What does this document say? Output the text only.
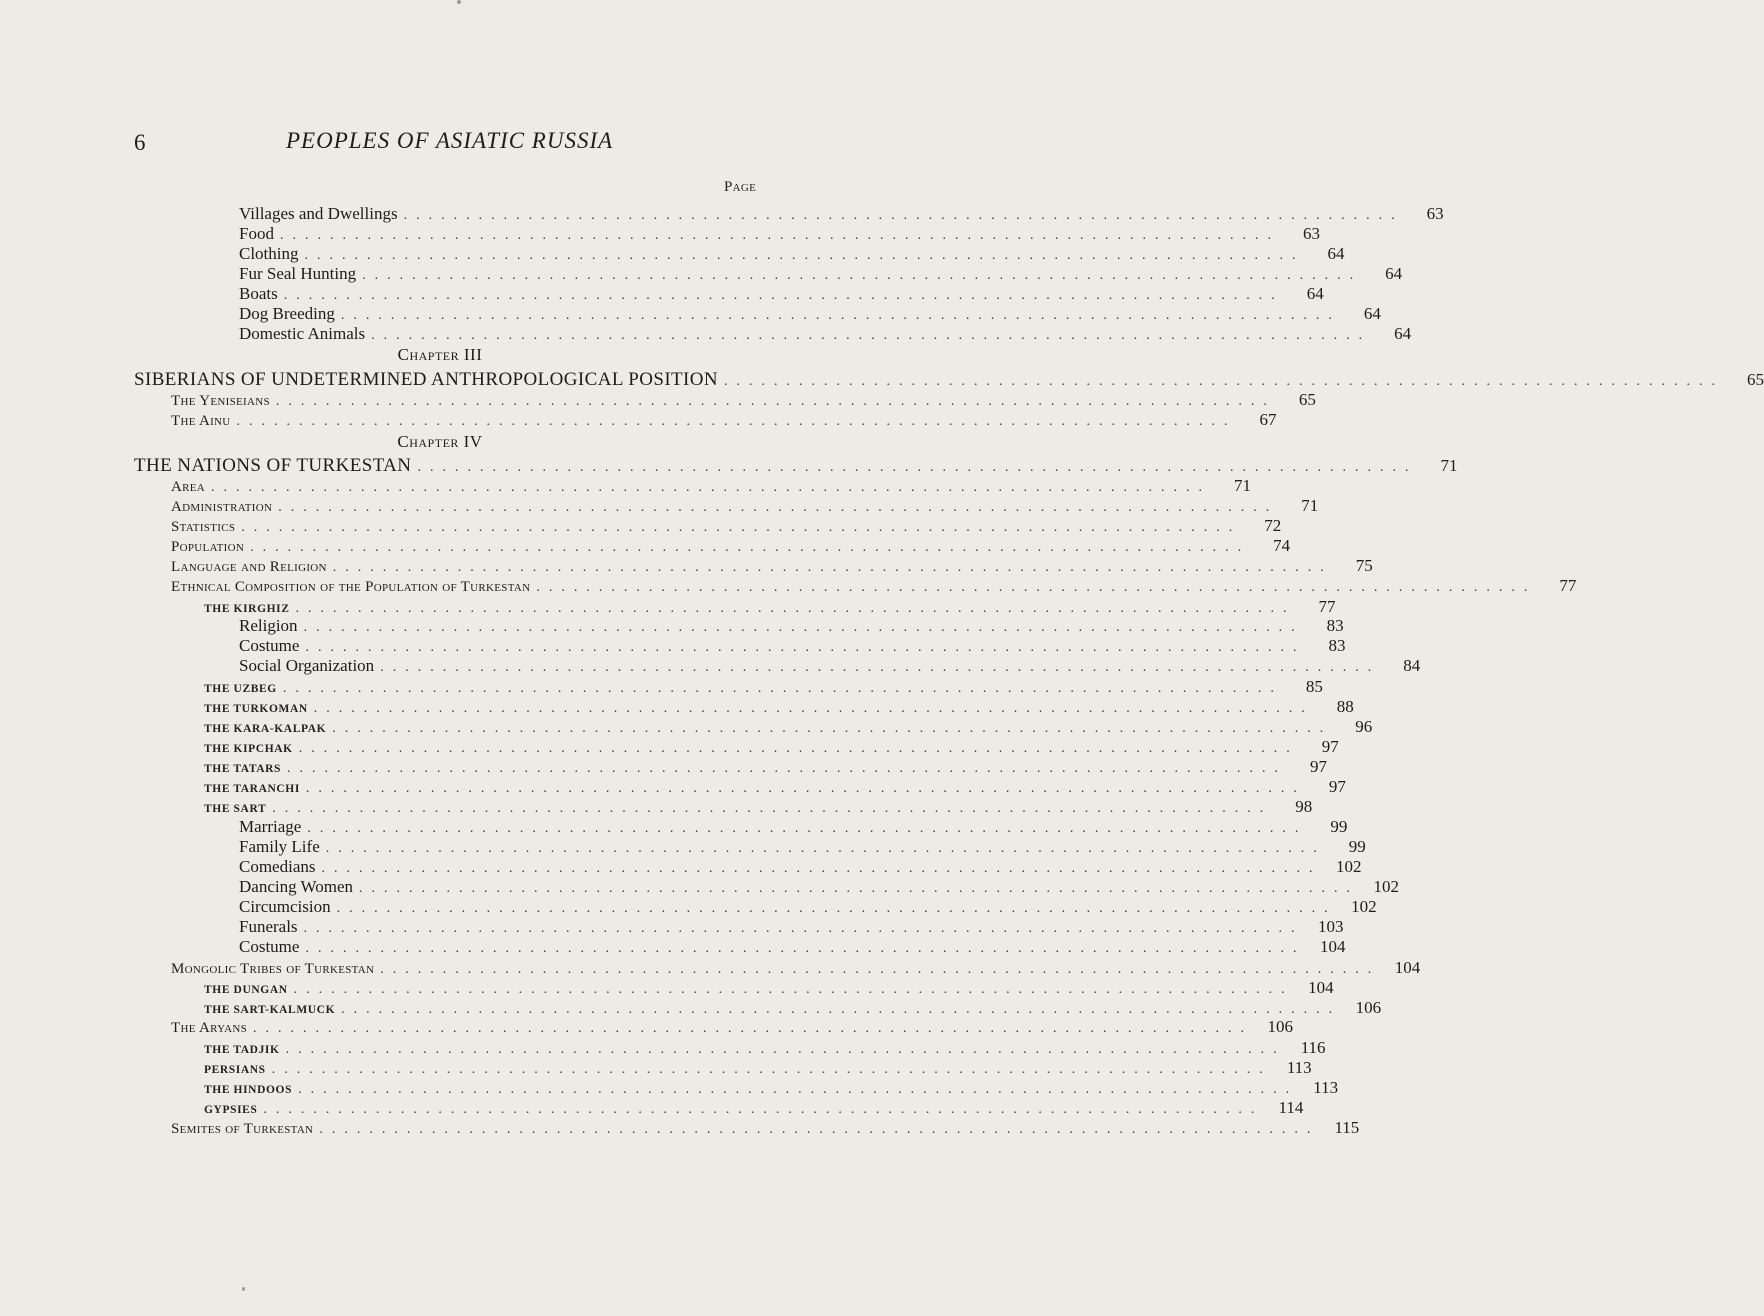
6	PEOPLES OF ASIATIC RUSSIA
Page
Villages and Dwellings ................................................................................	63
Food ................................................................................	63
Clothing ................................................................................	64
Fur Seal Hunting ................................................................................	64
Boats ................................................................................	64
Dog Breeding ................................................................................	64
Domestic Animals ................................................................................	64
Chapter III
SIBERIANS OF UNDETERMINED ANTHROPOLOGICAL POSITION ................................................................................	65
The Yeniseians ................................................................................	65
The Ainu ................................................................................	67
Chapter IV
THE NATIONS OF TURKESTAN ................................................................................	71
Area ................................................................................	71
Administration ................................................................................	71
Statistics ................................................................................	72
Population ................................................................................	74
Language and Religion ................................................................................	75
Ethnical Composition of the Population of Turkestan ................................................................................	77
THE KIRGHIZ ................................................................................	77
Religion ................................................................................	83
Costume ................................................................................	83
Social Organization ................................................................................	84
THE UZBEG ................................................................................	85
THE TURKOMAN ................................................................................	88
THE KARA-KALPAK ................................................................................	96
THE KIPCHAK ................................................................................	97
THE TATARS ................................................................................	97
THE TARANCHI ................................................................................	97
THE SART ................................................................................	98
Marriage ................................................................................	99
Family Life ................................................................................	99
Comedians ................................................................................ 102
Dancing Women ................................................................................ 102
Circumcision ................................................................................ 102
Funerals ................................................................................ 103
Costume ................................................................................ 104
Mongolic Tribes of Turkestan ................................................................................ 104
THE DUNGAN ................................................................................ 104
THE SART-KALMUCK ................................................................................ 106
The Aryans ................................................................................ 106
THE TADJIK ................................................................................ 116
PERSIANS ................................................................................ 113
THE HINDOOS ................................................................................ 113
GYPSIES ................................................................................ 114
Semites of Turkestan ................................................................................ 115
